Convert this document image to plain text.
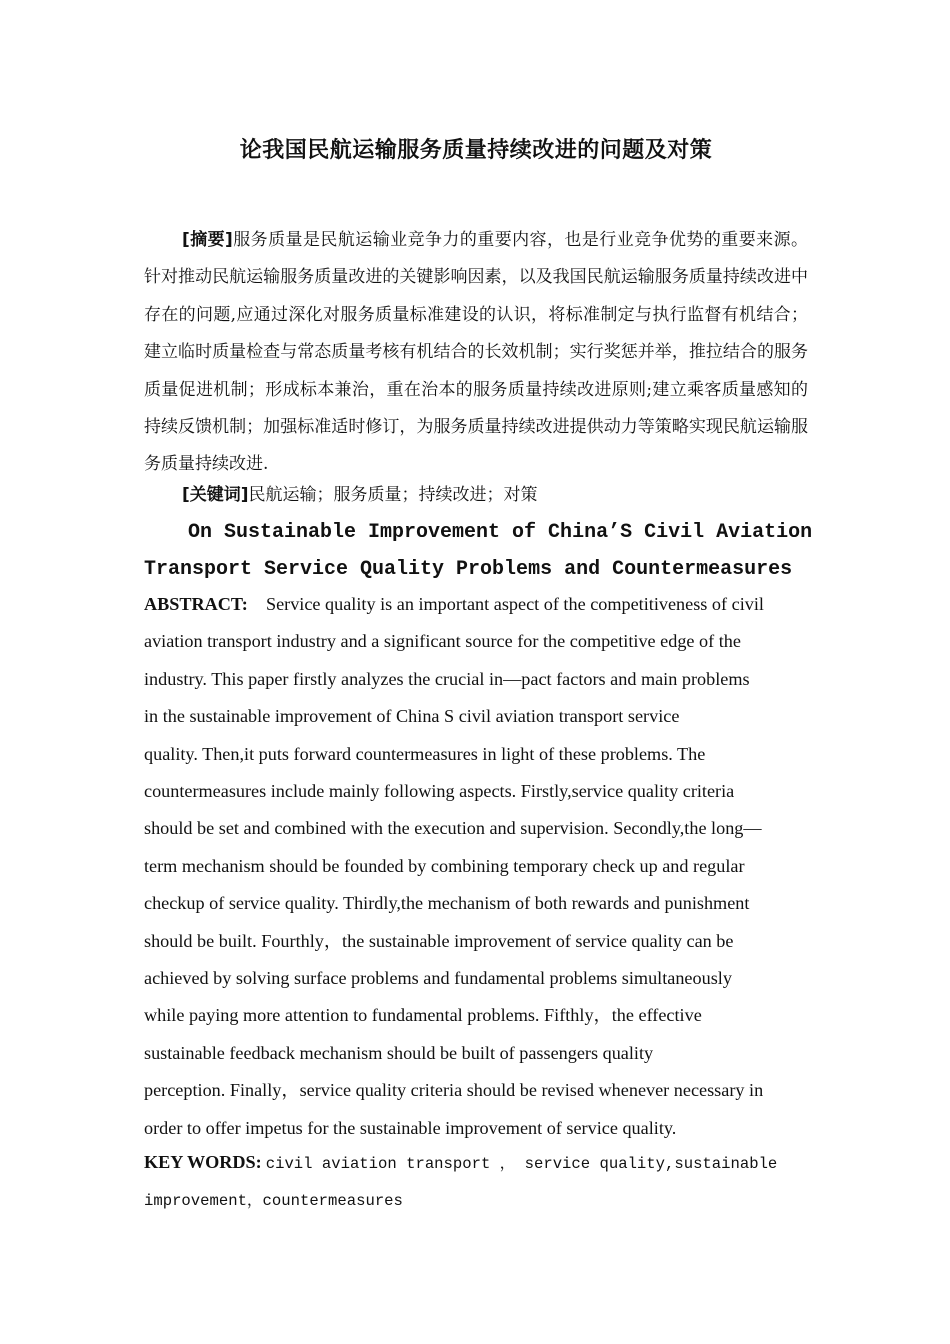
论我国民航运输服务质量持续改进的问题及对策

[摘要]服务质量是民航运输业竞争力的重要内容，也是行业竞争优势的重要来源。针对推动民航运输服务质量改进的关键影响因素，以及我国民航运输服务质量持续改进中存在的问题,应通过深化对服务质量标准建设的认识，将标准制定与执行监督有机结合；建立临时质量检查与常态质量考核有机结合的长效机制；实行奖惩并举，推拉结合的服务质量促进机制；形成标本兼治，重在治本的服务质量持续改进原则;建立乘客质量感知的持续反馈机制；加强标准适时修订，为服务质量持续改进提供动力等策略实现民航运输服务质量持续改进.

[关键词]民航运输；服务质量；持续改进；对策

On Sustainable Improvement of China’S Civil Aviation
Transport Service Quality Problems and Countermeasures
ABSTRACT: Service quality is an important aspect of the competitiveness of civil
aviation transport industry and a significant source for the competitive edge of the
industry. This paper firstly analyzes the crucial in—pact factors and main problems
in the sustainable improvement of China S civil aviation transport service
quality. Then,it puts forward countermeasures in light of these problems. The
countermeasures include mainly following aspects. Firstly,service quality criteria
should be set and combined with the execution and supervision. Secondly,the long—
term mechanism should be founded by combining temporary check up and regular
checkup of service quality. Thirdly,the mechanism of both rewards and punishment
should be built. Fourthly，the sustainable improvement of service quality can be
achieved by solving surface problems and fundamental problems simultaneously
while paying more attention to fundamental problems. Fifthly，the effective
sustainable feedback mechanism should be built of passengers quality
perception. Finally，service quality criteria should be revised whenever necessary in
order to offer impetus for the sustainable improvement of service quality.
KEY WORDS: civil aviation transport ， service quality,sustainable
improvement，countermeasures
